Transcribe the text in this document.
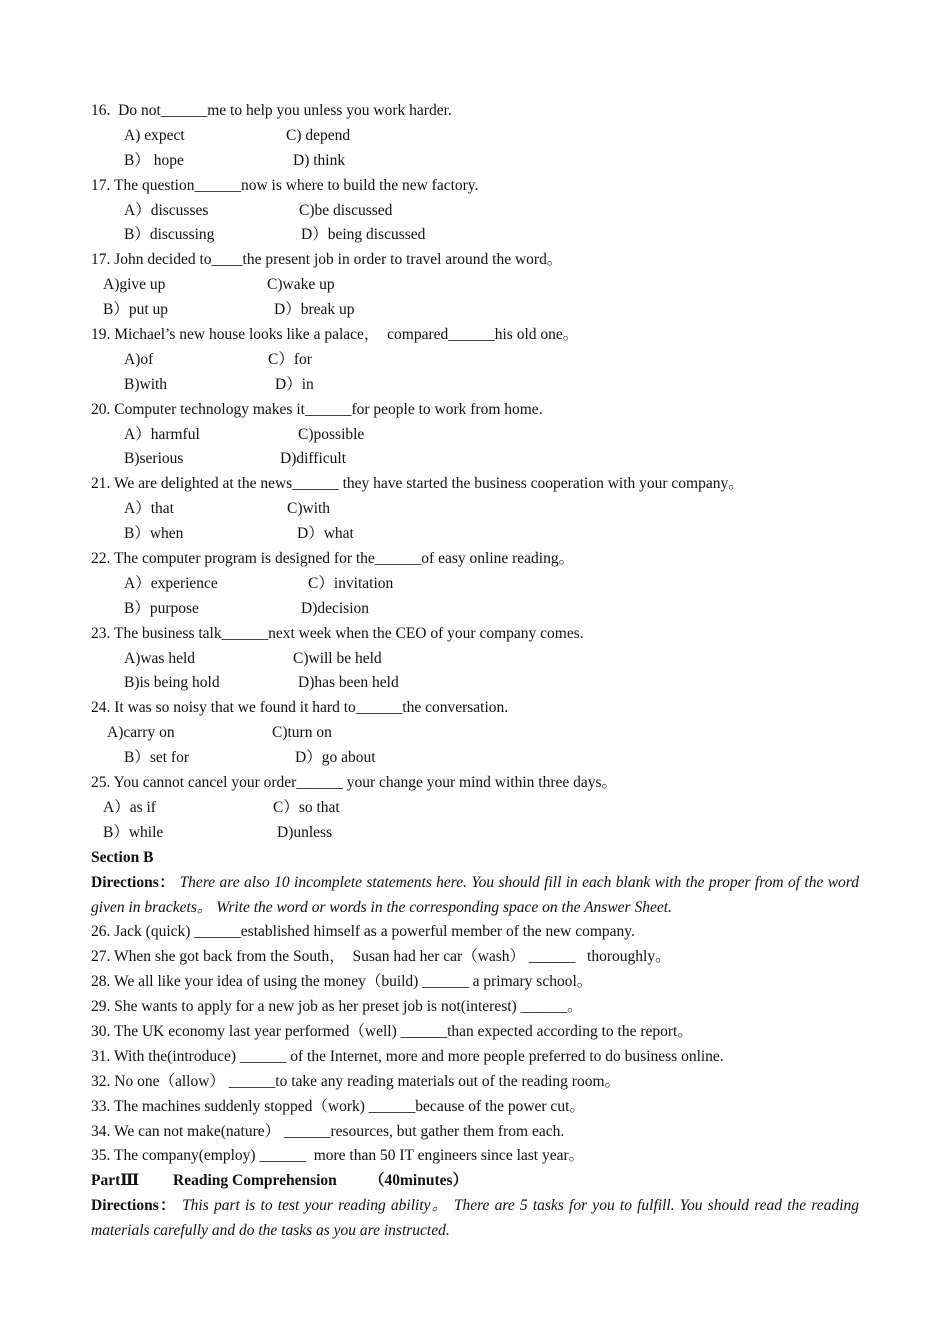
16.  Do not______me to help you unless you work harder.

A) expect

	C) depend

B） hope

	D) think

17. The question______now is where to build the new factory.

A）discusses

	C)be discussed

B）discussing

	D）being discussed

17. John decided to____the present job in order to travel around the word。

A)give up

	C)wake up

B）put up

	D）break up

19. Michael’s new house looks like a palace，  compared______his old one。

A)of

	C）for

B)with

	D）in

20. Computer technology makes it______for people to work from home.

A）harmful

	C)possible

B)serious

	D)difficult

21. We are delighted at the news______ they have started the business cooperation with your company。

A）that

	C)with

B）when

	D）what

22. The computer program is designed for the______of easy online reading。

A）experience

	C）invitation

B）purpose

	D)decision

23. The business talk______next week when the CEO of your company comes.

A)was held

	C)will be held

B)is being hold

	D)has been held

24. It was so noisy that we found it hard to______the conversation.

A)carry on

	C)turn on

B）set for

	D）go about

25. You cannot cancel your order______ your change your mind within three days。

A）as if

	C）so that

B）while

	D)unless

Section B
Directions： There are also 10 incomplete statements here. You should fill in each blank with the proper from of the word given in brackets。 Write the word or words in the corresponding space on the Answer Sheet.
26. Jack (quick) ______established himself as a powerful member of the new company.
27. When she got back from the South，  Susan had her car（wash） ______   thoroughly。
28. We all like your idea of using the money（build) ______ a primary school。
29. She wants to apply for a new job as her preset job is not(interest) ______。
30. The UK economy last year performed（well) ______than expected according to the report。
31. With the(introduce) ______ of the Internet, more and more people preferred to do business online.
32. No one（allow） ______to take any reading materials out of the reading room。
33. The machines suddenly stopped（work) ______because of the power cut。
34. We can not make(nature） ______resources, but gather them from each.
35. The company(employ) ______  more than 50 IT engineers since last year。

PartⅢ

Reading Comprehension

（40minutes）

Directions： This part is to test your reading ability。 There are 5 tasks for you to fulfill. You should read the reading materials carefully and do the tasks as you are instructed.
